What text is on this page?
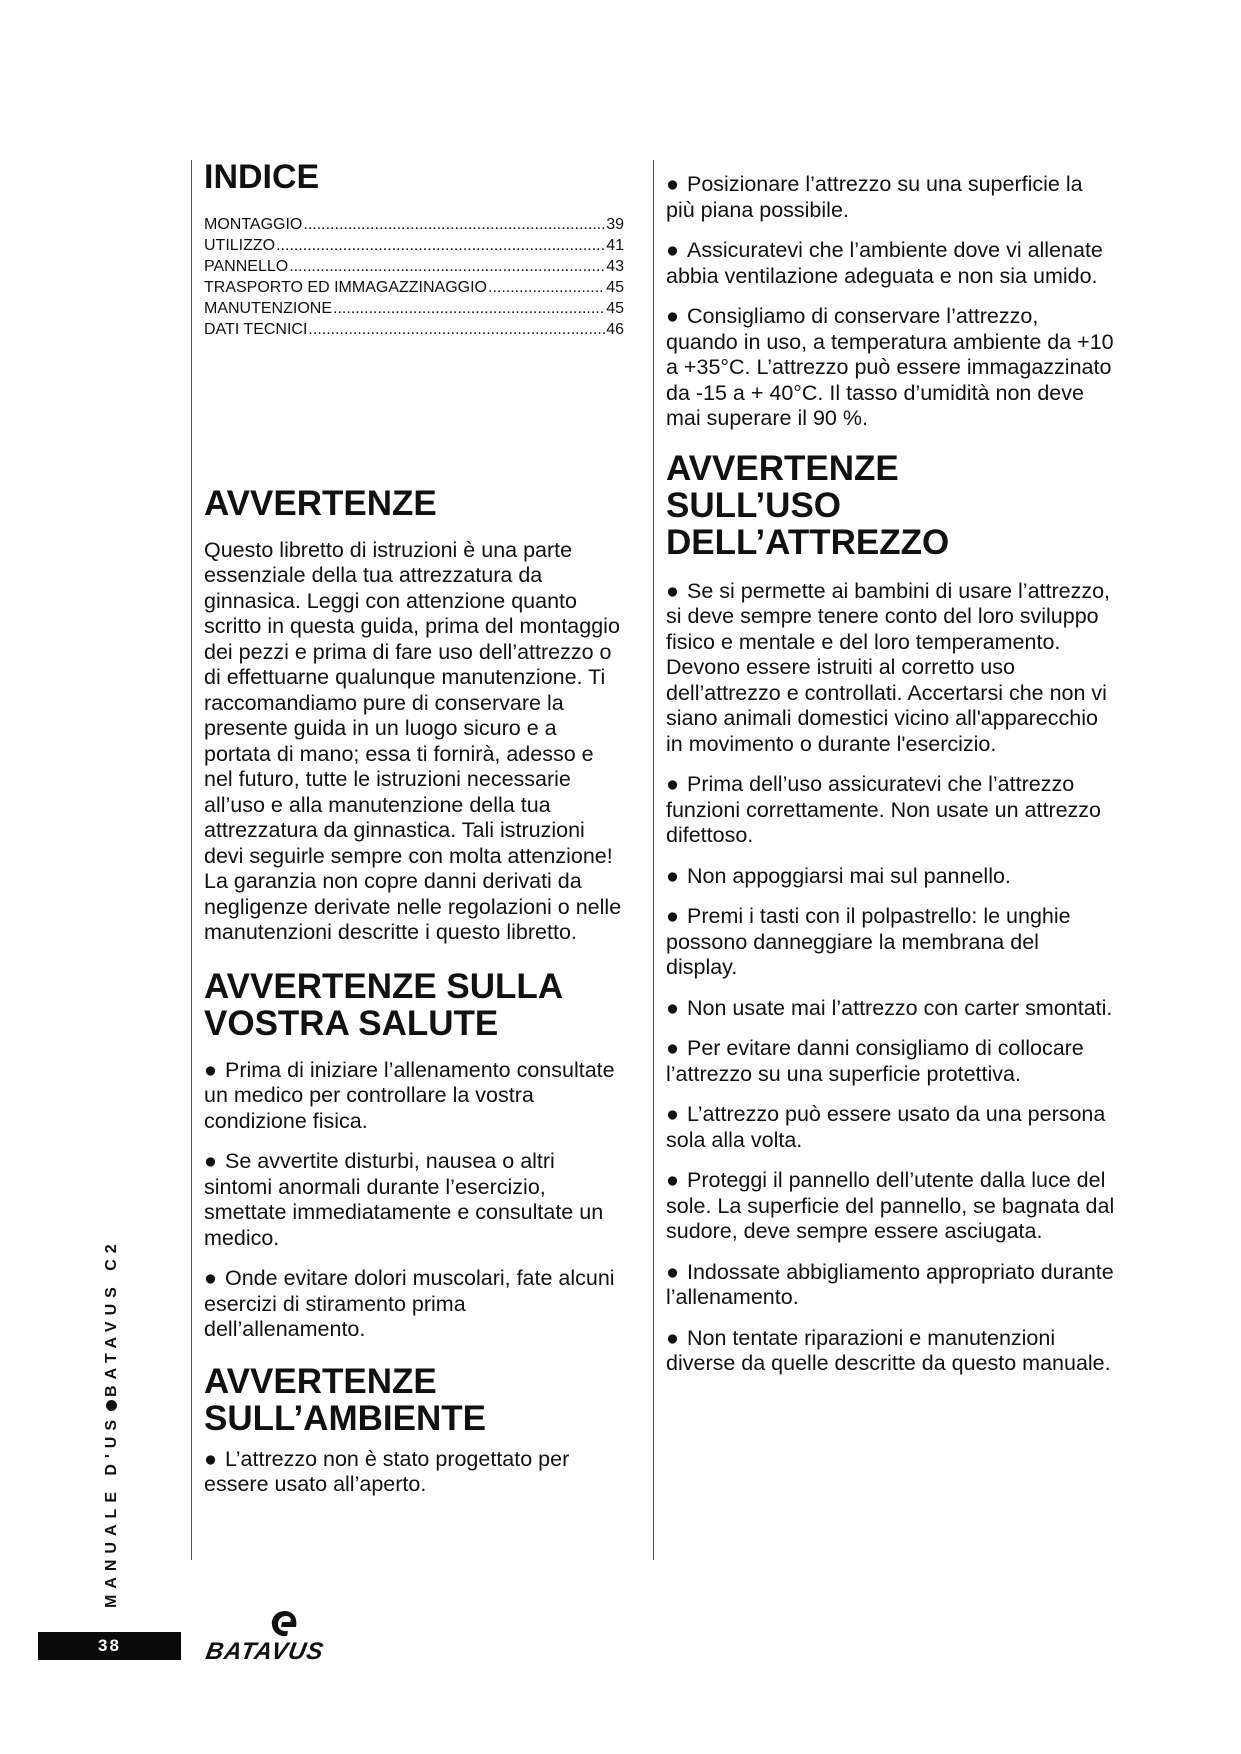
INDICE
MONTAGGIO .....	39
UTILIZZO .....	41
PANNELLO .....	43
TRASPORTO ED IMMAGAZZINAGGIO .....	45
MANUTENZIONE .....	45
DATI TECNICI .....	46
AVVERTENZE

Questo libretto di istruzioni è una parte essenziale della tua attrezzatura da ginnasica. Leggi con attenzione quanto scritto in questa guida, prima del montaggio dei pezzi e prima di fare uso dell’attrezzo o di effettuarne qualunque manutenzione. Ti raccomandiamo pure di conservare la presente guida in un luogo sicuro e a portata di mano; essa ti fornirà, adesso e nel futuro, tutte le istruzioni necessarie all’uso e alla manutenzione della tua attrezzatura da ginnastica. Tali istruzioni devi seguirle sempre con molta attenzione! La garanzia non copre danni derivati da negligenze derivate nelle regolazioni o nelle manutenzioni descritte i questo libretto.

AVVERTENZE SULLA VOSTRA SALUTE

● Prima di iniziare l’allenamento consultate un medico per controllare la vostra condizione fisica.

● Se avvertite disturbi, nausea o altri sintomi anormali durante l’esercizio, smettate immediatamente e consultate un medico.

● Onde evitare dolori muscolari, fate alcuni esercizi di stiramento prima dell’allenamento.

AVVERTENZE SULL’AMBIENTE

● L’attrezzo non è stato progettato per essere usato all’aperto.

● Posizionare l’attrezzo su una superficie la più piana possibile.

● Assicuratevi che l’ambiente dove vi allenate abbia ventilazione adeguata e non sia umido.

● Consigliamo di conservare l’attrezzo, quando in uso, a temperatura ambiente da +10 a +35°C. L’attrezzo può essere immagazzinato da -15 a + 40°C. Il tasso d’umidità non deve mai superare il 90 %.

AVVERTENZE SULL’USO DELL’ATTREZZO

● Se si permette ai bambini di usare l’attrezzo, si deve sempre tenere conto del loro sviluppo fisico e mentale e del loro temperamento. Devono essere istruiti al corretto uso dell’attrezzo e controllati. Accertarsi che non vi siano animali domestici vicino all'apparecchio in movimento o durante l'esercizio.

● Prima dell’uso assicuratevi che l’attrezzo funzioni correttamente. Non usate un attrezzo difettoso.

● Non appoggiarsi mai sul pannello.

● Premi i tasti con il polpastrello: le unghie possono danneggiare la membrana del display.

● Non usate mai l’attrezzo con carter smontati.

● Per evitare danni consigliamo di collocare l’attrezzo su una superficie protettiva.

● L’attrezzo può essere usato da una persona sola alla volta.

● Proteggi il pannello dell’utente dalla luce del sole. La superficie del pannello, se bagnata dal sudore, deve sempre essere asciugata.

● Indossate abbigliamento appropriato durante l’allenamento.

● Non tentate riparazioni e manutenzioni diverse da quelle descritte da questo manuale.

MANUALE D'USBATAVUS C2
38	BATAVUS
